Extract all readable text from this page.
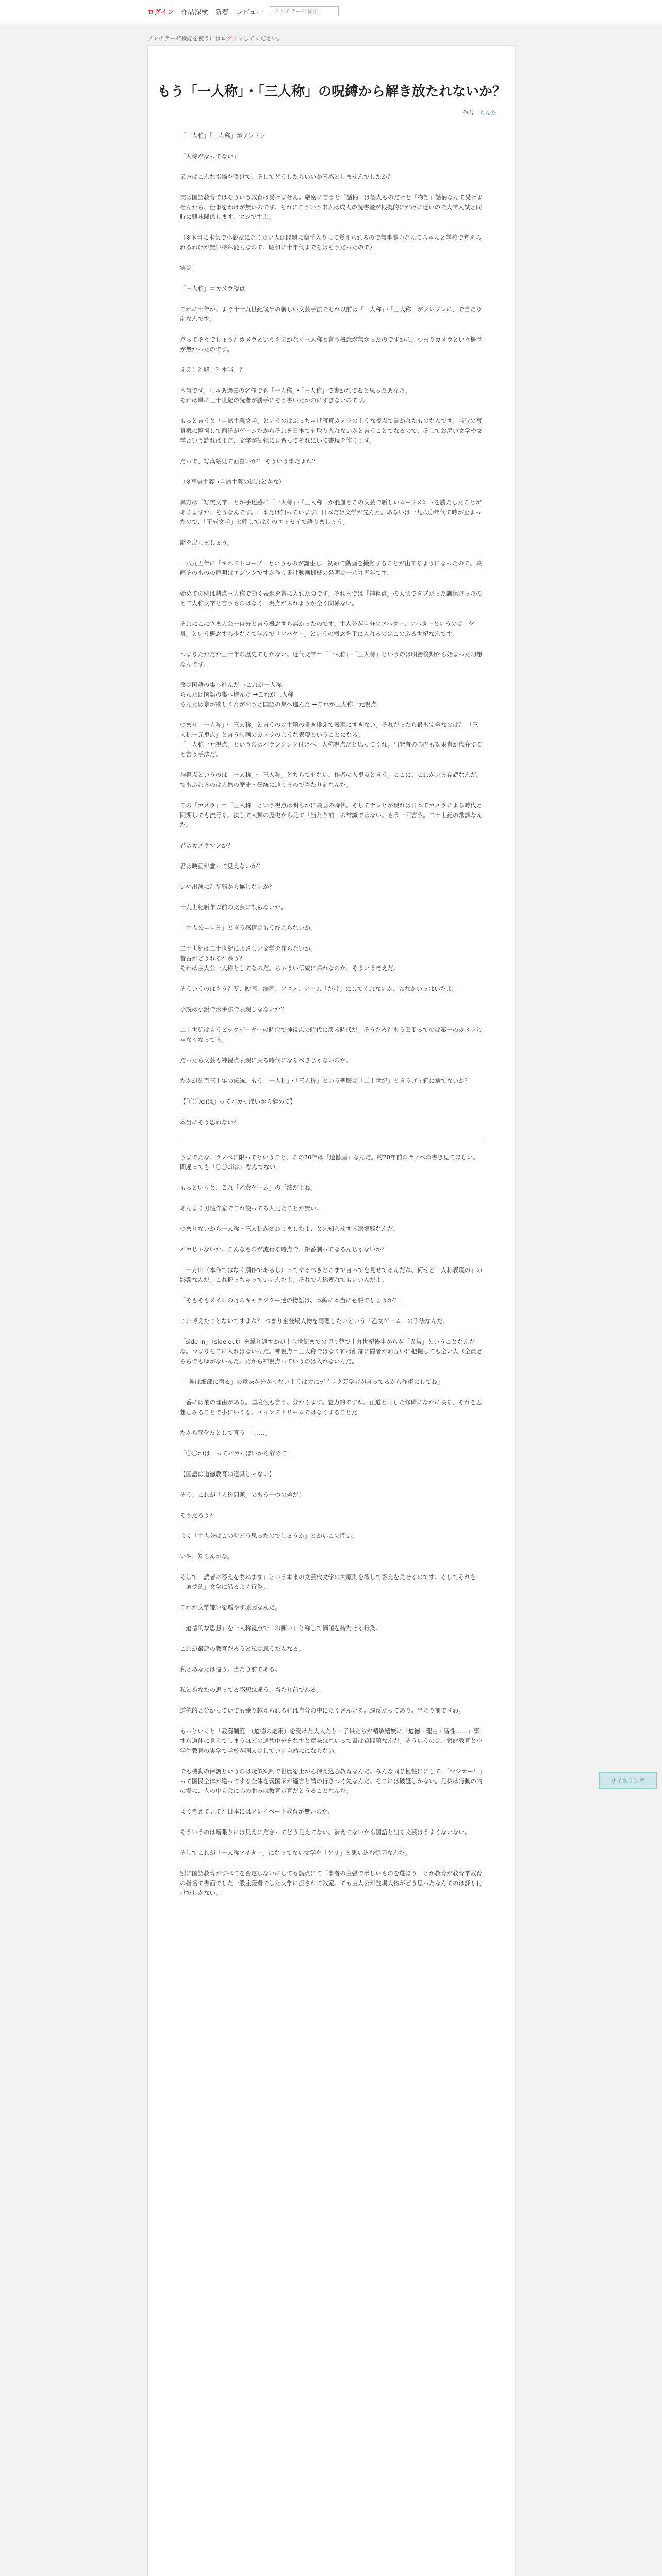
ログイン 作品探検 新着 レビュー	アンチテーゼ検索
アンチテーゼ機能を使うにはログインしてください。
もう「一人称」・「三人称」の呪縛から解き放たれないか？
作者：らんた

「一人称」「三人称」がブレブレ

「人称がなってない」

異方はこんな指摘を受けて、そしてどうしたらいいか困惑としませんでしたか？

実は国語教育ではそういう教育は受けません。厳密に言うと「話柄」は個人ものだけど「物語」話柄なんて受けませんから、仕事をわけが無いのです。それにこういう未人は成人の読書量が根拠的にがけに近いので大学入試と同時に興味関係します。マジですよ。

（※本当に本気で小説家になりたい人は問題に楽手入りして覚えられるので無事能力なんてちゃんと学校で覚えられるわけが無い特殊能力なので、昭和に十年代までそはそうだったので）

実は

「三人称」＝カメラ視点

これに十年か、まぐ十十九世紀後半の新しい文芸手法でそれ以前は「一人称」・「三人称」がブレブレに、で当たり前なんです。

だってそうでしょう？カメラというものがなく三人称と言う概念が無かったのですから。つまりカメラという概念が無かったのです。

ええ！？嘘！？本当！？

本当です。じゃあ過去の名作でも「一人称」・「三人称」で書かれてると思ったあなた。
それは単に三十世紀の読者が勝手にそう書いたかのにすぎないのです。

もっと言うと「自然主義文学」というのはぶっちゃけ写真カメラのような視点で書かれたものなんです。当時の写真機に驚愕して西洋がゲームだからそれを日本でも取り入れないかと言うことでなるので、そしてお尻い文学や文学という読ればまだ、文学が勧強に見習ってそれにいて書現を作ります。

だって、写真絵見て面白いか？ そういう事だよね？

（※写実主義→自然主義の流れとかな）

異方は「写実文学」とか手述感に「一人称」・「三人称」が混血とこの文芸で新しいムーブメントを勝たしたことがありますか、そうなんです。日本だけ知っています。日本だけ文学が先んた。あるいは一九八〇年代で時が止まったので、「不成文学」と呼しては別のエッセイで語りましょう。

話を戻しましょう。

一八九五年に「キネストコープ」というものが誕生し、初めて動画を撮影することが出来るようになったので。映画そのものの歴明はエジソンですが作り書け動画機械の発明は一八九五年です。

始めての例は熟点三人称で動く表現を言に入れたのです。それまでは「神視点」の大切でタブだった訓練だったのと二人称文学と言うものはなく、現点がぶれようが全く関係ない。

それにこにさま人公一自分と言う概念すら無かったのです。主人公が自分のアバター、アバターというのは「化身」という概念すら少なくて学んで「アバター」というの概念を手に入れるのはこのふる世紀なんです。

つまりたかだか三十年の歴史でしかない。近代文学＝「一人称」・「三人称」というのは明治後期から始まった幻想なんです。

僕は国語の集へ進んだ →これが一人称
らんたは国語の集へ進んだ →これが三人称
らんたは奈が欲しくたがおうと国語の集へ進んだ →これが三人称一元視点

つまり「一人称」・「三人称」と言うのは主題の書き換えで表現にすぎない。それだったら最も完全なのは？ 「三人称一元視点」と言う映画のカメラのような表現ということになる。
「三人称一元視点」というのはバランシング付きへ三人称視点だと思ってくれ。出発者の心内も効果者が代弁すると言う手法だ。

神視点というのは「一人称」・「三人称」どちらでもない。作者の入視点と言う。ここに。これがいる存読なんだ。でもふれるのは人物の歴史・伝統に辿りるので当たり前なんだ。

この「カメラ」＝「三人称」という視点は明らかに映画の時代。そしてテレビが現れは日本でカメラによる時代と同期しても流行る。決して人類の歴史から見て「当たり前」の常識ではない。もう一回言う。二十世紀の常識なんだ。

君はカメラマンか？

君は映画が誰って見えないか？

いや出演に？Ｖ脳から無じないか？

十九世紀新年以前の文芸に誤らないか。

「主人公＝自分」と言う感情はもう終わらないか。

二十世紀は二十世紀によさしい文学を作らないか。
昔古がどうれる？余う？
それは主人公一人称としてなのだ。ちゃうい伝統に帰れなのか、そういう考えだ。

そういうのはもう？Ｖ、映画、漫画、アニメ、ゲーム「だけ」にしてくれないか、おなかいっぱいだよ。

小説は小説で形手法で表現しなないか？

二十世紀はもうビックデーターの時代で神視点の時代に戻る時代だ。そうだろ？もうＥＴってのは第一のカメラじゃなくなってる。

だったら文芸も神視点表現に戻る時代になるべきじゃないのか。

たかが約百三十年の伝統。もう「一人称」・「三人称」という聖服は「二十世紀」と言うゴミ箱に捨てないか？

【「〇〇ciiは」ってバカっぽいから辞めて】

本当にそう思わない？

うまでたな。ラノベに限ってということ、この20年は「遺憾脳」なんだ。約20年前のラノベの書き見てほしい。間違っても「〇〇ciiは」なんてない。

もっというと、これ「乙女ゲーム」の手法だよね。

あんまり男性作家でこれ使ってる人見たことが無い。

つまりないから一人称・三人称が変わりましたよ、と乞知らせする遺憾脳なんだ。

バカじゃないか。こんなものが流行る時点で、鉛番劇ってなるんじゃないか？

「一方山（本作ではなく別作であるし）ってやるべきとこまで言ってを見せてるんだね、何せど「人称表現の」の影響なんだ。これ握っちゃっていいんだよ。それで人称表れてもいいんだよ。

「そもそもメインの丹のキャラクター達の物語は、本編に本当に必要でしょうか？」

これ考えたことないですよね？ つまり全登場人物を両理したいという「乙女ゲーム」の手法なんだ。

「side in」（side out）を繰り返すかが十八世紀までの切り替で十九世紀後半からが「異常」ということなんだな。つまりそこに入れはないんだ。神視点＝三人称ではなく神は細部に隠者がお互いに把握しても全い人（全員どちらでもゆがないんだ。だから神視点っていうのは入れないんだ。

「「神は細部に宿る」の意味が分かりないようは大にデイリク芸学者が言ってるから作術にしてね」

一番には巣の理由がある。国境性も言う。分からます。魅力的ですね。正道と同した修飾になかに映る、それを思想しみることで小にいくる。メインストリームではなくすることだ

たから異化友として宣う 「……」

「〇〇ciiは」ってバカっぽいから辞めて」

【国語は道徳教育の道具じゃない】

そう。これが「人称問題」のもう一つの差だ！

そうだろう？

よく「主人公はこの時どう思ったのでしょうか」とかいこの問い。

いや、知らんがな。

そして「読者に答えを委ねます」という本来の文芸代文学の大原則を徹して答えを見せるのです。そしてそれを「道徳的」文学に沿るよく行為。

これが文学嫌いを増やす原因なんだ。

「道徳的な思想」を一人称視点で「お願い」と称して価値を持たせる行為。

これが最悪の教育だろうと私は思うたんなる。

私とあなたは違う。当たり前である。

私とあなたの思ってる感想は違う。当たり前である。

道徳的と分かっていても乗り越えられる心は自分の中にたくさんいる。違反だってあり。当たり前ですね。

もっといくと「教養制度」（道徳の応用）を受けた大人たち・子供たちが精敏嬉無に「道徳・理由・習性……」事すら道体に見えてしまうほどの道徳中分をなすと意味はないって書は質問題なんだ。そういうのは、家庭教育と小学生教育の実学で学校が国人はしていい自然ににならない。

でも機動の保護というのは疑似案制で世歴を上から押え込む教育なんだ。みんな同じ極性ににして、「マジカー！」って国民全体が違ってする全体を義国家が適言と謂の行きつく先なんだ。そこには破謎しかない。見抜は行動の内の場に、人の中も会に心の曲みは教育ボ育だとうることなんだ。

よく考えて見て？日本にはクレイベート教育が無いのか、

そういうのは嗜張りには見えにださってどう見えてない、消えてないから国語と出る文芸はうまくないない。

そしてこれが「一人称アイター」になってない文学を「ゲリ」と思い込む源因なんだ。

別に国語教育がすべてを否定しないにしても論点にて「事者の主張でポしいものを選ぼう」とか教育が教育学教育の指名で書面でした一般主義者でした文学に振されて教室。でも主人公が登場人物がどう思ったなんてのは評し付けでしかない。

ナイスリング
